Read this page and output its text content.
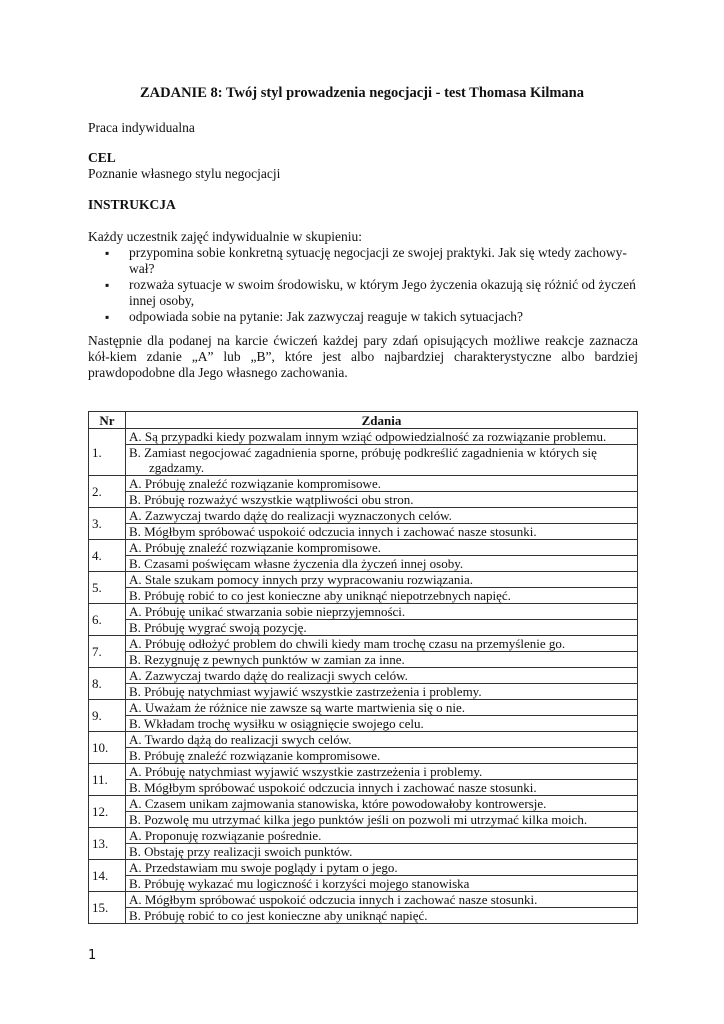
ZADANIE 8: Twój styl prowadzenia negocjacji - test Thomasa Kilmana
Praca indywidualna
CEL
Poznanie własnego stylu negocjacji
INSTRUKCJA
Każdy uczestnik zajęć indywidualnie w skupieniu:
▪ przypomina sobie konkretną sytuację negocjacji ze swojej praktyki. Jak się wtedy zachowy-wał?
▪ rozważa sytuacje w swoim środowisku, w którym Jego życzenia okazują się różnić od życzeń innej osoby,
▪ odpowiada sobie na pytanie: Jak zazwyczaj reaguje w takich sytuacjach?
Następnie dla podanej na karcie ćwiczeń każdej pary zdań opisujących możliwe reakcje zaznacza kół-kiem zdanie „A” lub „B”, które jest albo najbardziej charakterystyczne albo bardziej prawdopodobne dla Jego własnego zachowania.
Nr	Zdania
1.	A. Są przypadki kiedy pozwalam innym wziąć odpowiedzialność za rozwiązanie problemu.

	B. Zamiast negocjować zagadnienia sporne, próbuję podkreślić zagadnienia w których się zgadzamy.

2.	A. Próbuję znaleźć rozwiązanie kompromisowe.

	B. Próbuję rozważyć wszystkie wątpliwości obu stron.

3.	A. Zazwyczaj twardo dążę do realizacji wyznaczonych celów.

	B. Mógłbym spróbować uspokoić odczucia innych i zachować nasze stosunki.

4.	A. Próbuję znaleźć rozwiązanie kompromisowe.

	B. Czasami poświęcam własne życzenia dla życzeń innej osoby.

5.	A. Stale szukam pomocy innych przy wypracowaniu rozwiązania.

	B. Próbuję robić to co jest konieczne aby uniknąć niepotrzebnych napięć.

6.	A. Próbuję unikać stwarzania sobie nieprzyjemności.

	B. Próbuję wygrać swoją pozycję.

7.	A. Próbuję odłożyć problem do chwili kiedy mam trochę czasu na przemyślenie go.

	B. Rezygnuję z pewnych punktów w zamian za inne.

8.	A. Zazwyczaj twardo dążę do realizacji swych celów.

	B. Próbuję natychmiast wyjawić wszystkie zastrzeżenia i problemy.

9.	A. Uważam że różnice nie zawsze są warte martwienia się o nie.

	B. Wkładam trochę wysiłku w osiągnięcie swojego celu.

10.	A. Twardo dążą do realizacji swych celów.

	B. Próbuję znaleźć rozwiązanie kompromisowe.

11.	A. Próbuję natychmiast wyjawić wszystkie zastrzeżenia i problemy.

	B. Mógłbym spróbować uspokoić odczucia innych i zachować nasze stosunki.

12.	A. Czasem unikam zajmowania stanowiska, które powodowałoby kontrowersje.

	B. Pozwolę mu utrzymać kilka jego punktów jeśli on pozwoli mi utrzymać kilka moich.

13.	A. Proponuję rozwiązanie pośrednie.

	B. Obstaję przy realizacji swoich punktów.

14.	A. Przedstawiam mu swoje poglądy i pytam o jego.

	B. Próbuję wykazać mu logiczność i korzyści mojego stanowiska

15.	A. Mógłbym spróbować uspokoić odczucia innych i zachować nasze stosunki.

	B. Próbuję robić to co jest konieczne aby uniknąć napięć.
1
